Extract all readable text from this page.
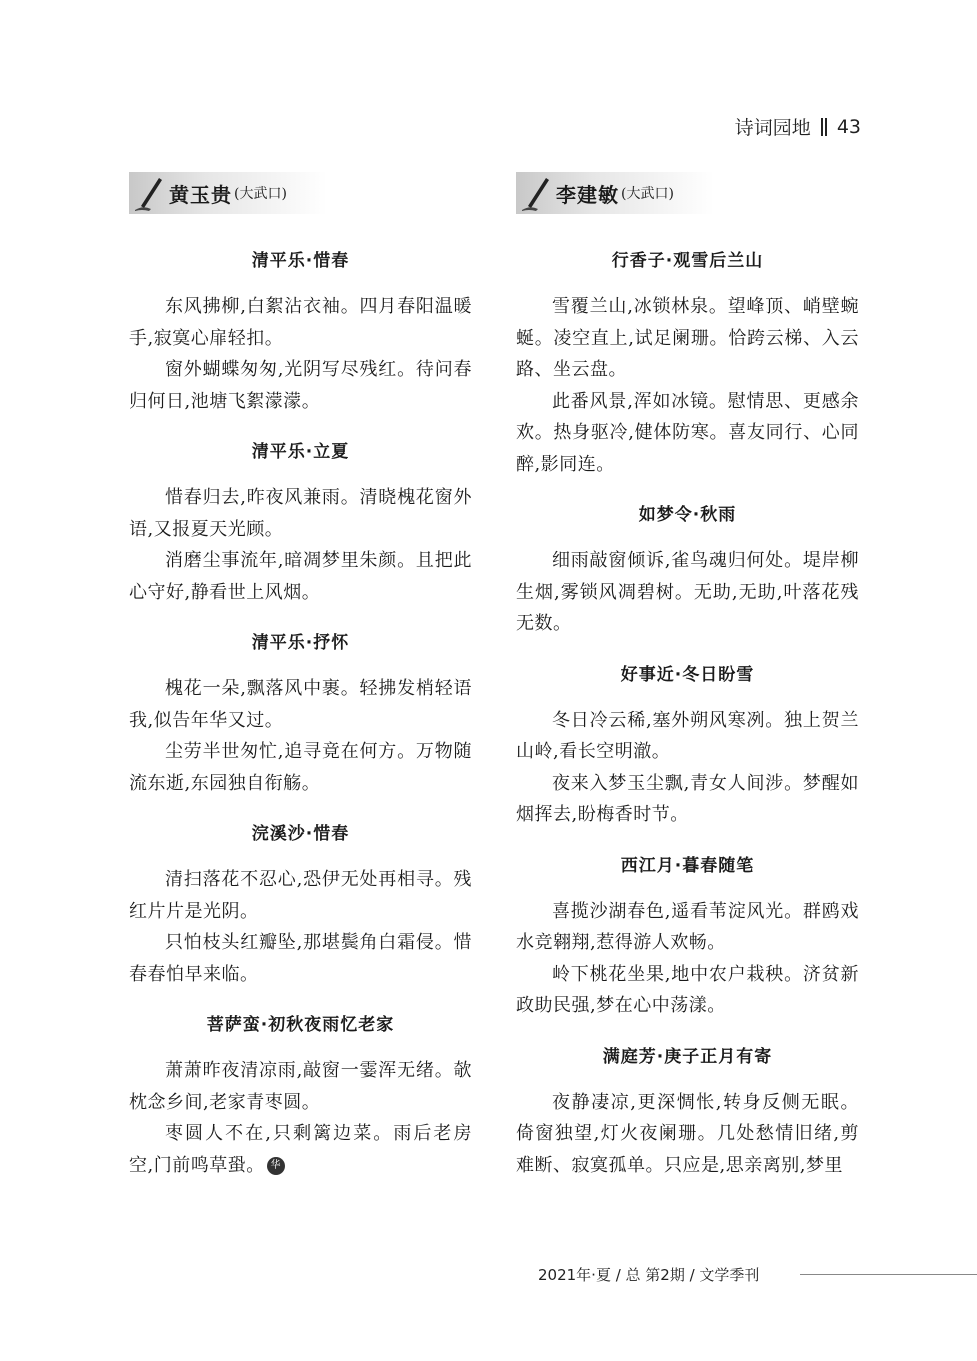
诗词园地 43
黄玉贵 (大武口)
清平乐·惜春

东风拂柳,白絮沾衣袖。四月春阳温暖手,寂寞心扉轻扣。

窗外蝴蝶匆匆,光阴写尽残红。待问春归何日,池塘飞絮濛濛。

清平乐·立夏

惜春归去,昨夜风兼雨。清晓槐花窗外语,又报夏天光顾。

消磨尘事流年,暗凋梦里朱颜。且把此心守好,静看世上风烟。

清平乐·抒怀

槐花一朵,飘落风中裹。轻拂发梢轻语我,似告年华又过。

尘劳半世匆忙,追寻竟在何方。万物随流东逝,东园独自衔觞。

浣溪沙·惜春

清扫落花不忍心,恐伊无处再相寻。残红片片是光阴。

只怕枝头红瓣坠,那堪鬓角白霜侵。惜春春怕早来临。

菩萨蛮·初秋夜雨忆老家

萧萧昨夜清凉雨,敲窗一霎浑无绪。欹枕念乡间,老家青枣圆。

枣圆人不在,只剩篱边菜。雨后老房空,门前鸣草蛩。 华

李建敏 (大武口)
行香子·观雪后兰山

雪覆兰山,冰锁林泉。望峰顶、峭壁蜿蜒。凌空直上,试足阑珊。恰跨云梯、入云路、坐云盘。

此番风景,浑如冰镜。慰情思、更感余欢。热身驱冷,健体防寒。喜友同行、心同醉,影同连。

如梦令·秋雨

细雨敲窗倾诉,雀鸟魂归何处。堤岸柳生烟,雾锁风凋碧树。无助,无助,叶落花残无数。

好事近·冬日盼雪

冬日冷云稀,塞外朔风寒冽。独上贺兰山岭,看长空明澈。

夜来入梦玉尘飘,青女人间涉。梦醒如烟挥去,盼梅香时节。

西江月·暮春随笔

喜揽沙湖春色,遥看苇淀风光。群鸥戏水竞翱翔,惹得游人欢畅。

岭下桃花坐果,地中农户栽秧。济贫新政助民强,梦在心中荡漾。

满庭芳·庚子正月有寄

夜静凄凉,更深惆怅,转身反侧无眠。倚窗独望,灯火夜阑珊。几处愁情旧绪,剪难断、寂寞孤单。只应是,思亲离别,梦里

2021年·夏 / 总 第2期 / 文学季刊
